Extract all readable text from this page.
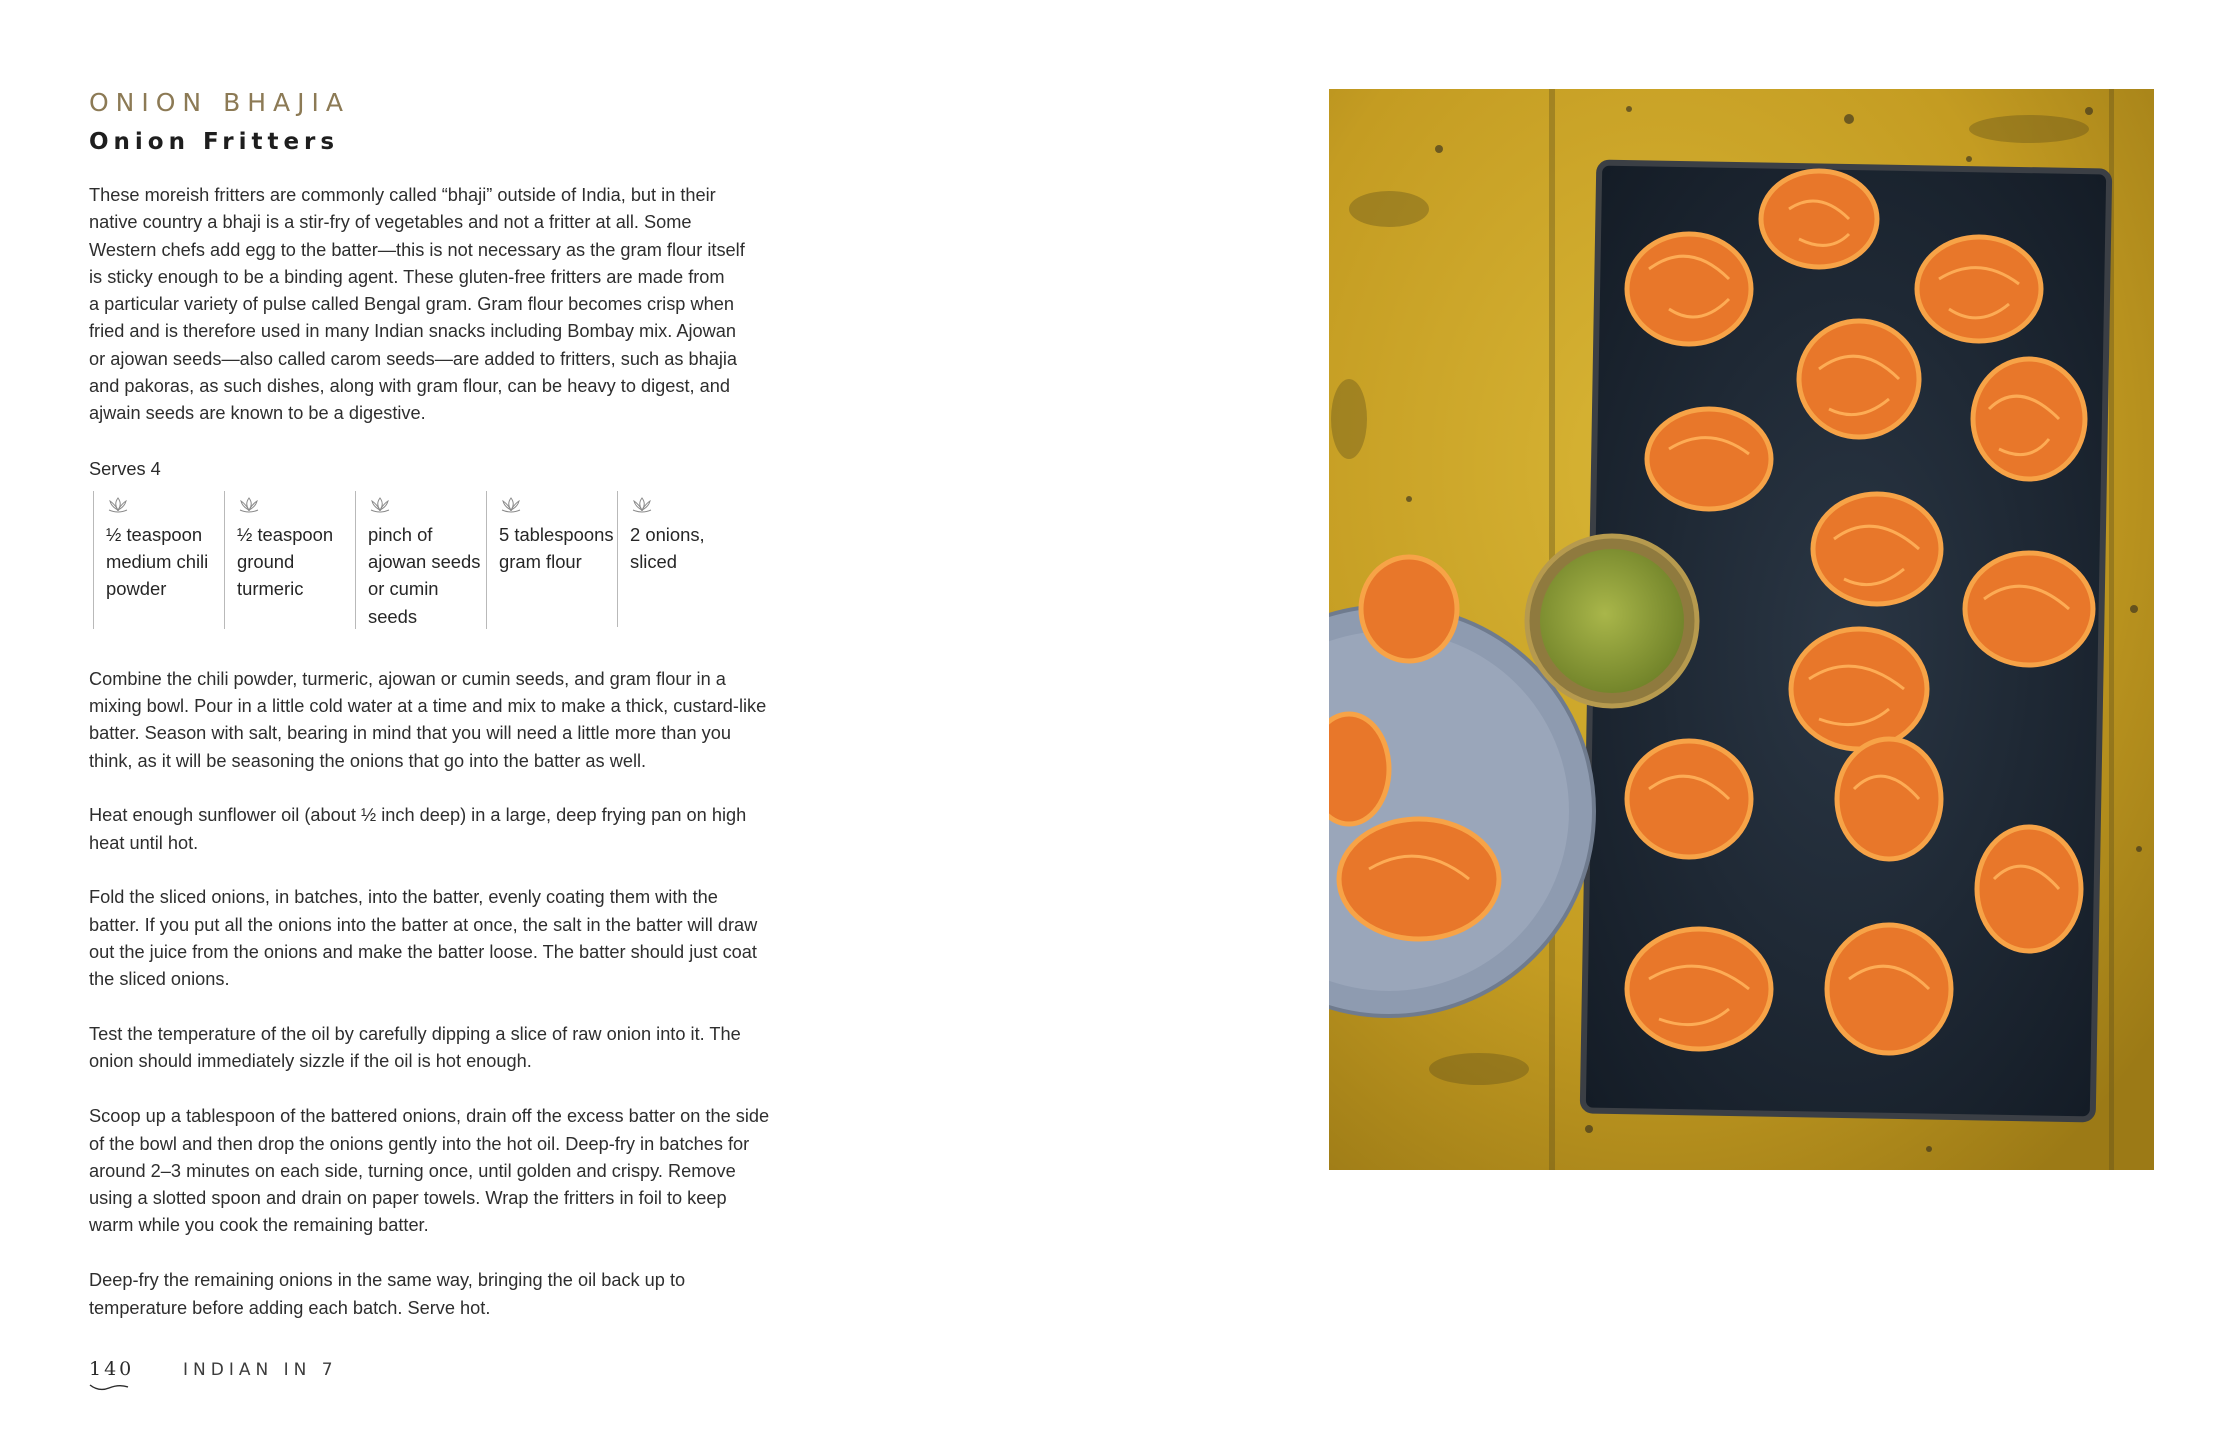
ONION BHAJIA
Onion Fritters
These moreish fritters are commonly called “bhaji” outside of India, but in their
native country a bhaji is a stir-fry of vegetables and not a fritter at all. Some
Western chefs add egg to the batter—this is not necessary as the gram flour itself
is sticky enough to be a binding agent. These gluten-free fritters are made from
a particular variety of pulse called Bengal gram. Gram flour becomes crisp when
fried and is therefore used in many Indian snacks including Bombay mix. Ajowan
or ajowan seeds—also called carom seeds—are added to fritters, such as bhajia
and pakoras, as such dishes, along with gram flour, can be heavy to digest, and
ajwain seeds are known to be a digestive.
Serves 4
½ teaspoon
medium chili
powder
½ teaspoon
ground
turmeric
pinch of
ajowan seeds
or cumin
seeds
5 tablespoons
gram flour
2 onions,
sliced
Combine the chili powder, turmeric, ajowan or cumin seeds, and gram flour in a
mixing bowl. Pour in a little cold water at a time and mix to make a thick, custard-like
batter. Season with salt, bearing in mind that you will need a little more than you
think, as it will be seasoning the onions that go into the batter as well.
Heat enough sunflower oil (about ½ inch deep) in a large, deep frying pan on high
heat until hot.
Fold the sliced onions, in batches, into the batter, evenly coating them with the
batter. If you put all the onions into the batter at once, the salt in the batter will draw
out the juice from the onions and make the batter loose. The batter should just coat
the sliced onions.
Test the temperature of the oil by carefully dipping a slice of raw onion into it. The
onion should immediately sizzle if the oil is hot enough.
Scoop up a tablespoon of the battered onions, drain off the excess batter on the side
of the bowl and then drop the onions gently into the hot oil. Deep-fry in batches for
around 2–3 minutes on each side, turning once, until golden and crispy. Remove
using a slotted spoon and drain on paper towels. Wrap the fritters in foil to keep
warm while you cook the remaining batter.
Deep-fry the remaining onions in the same way, bringing the oil back up to
temperature before adding each batch. Serve hot.
140	INDIAN IN 7
